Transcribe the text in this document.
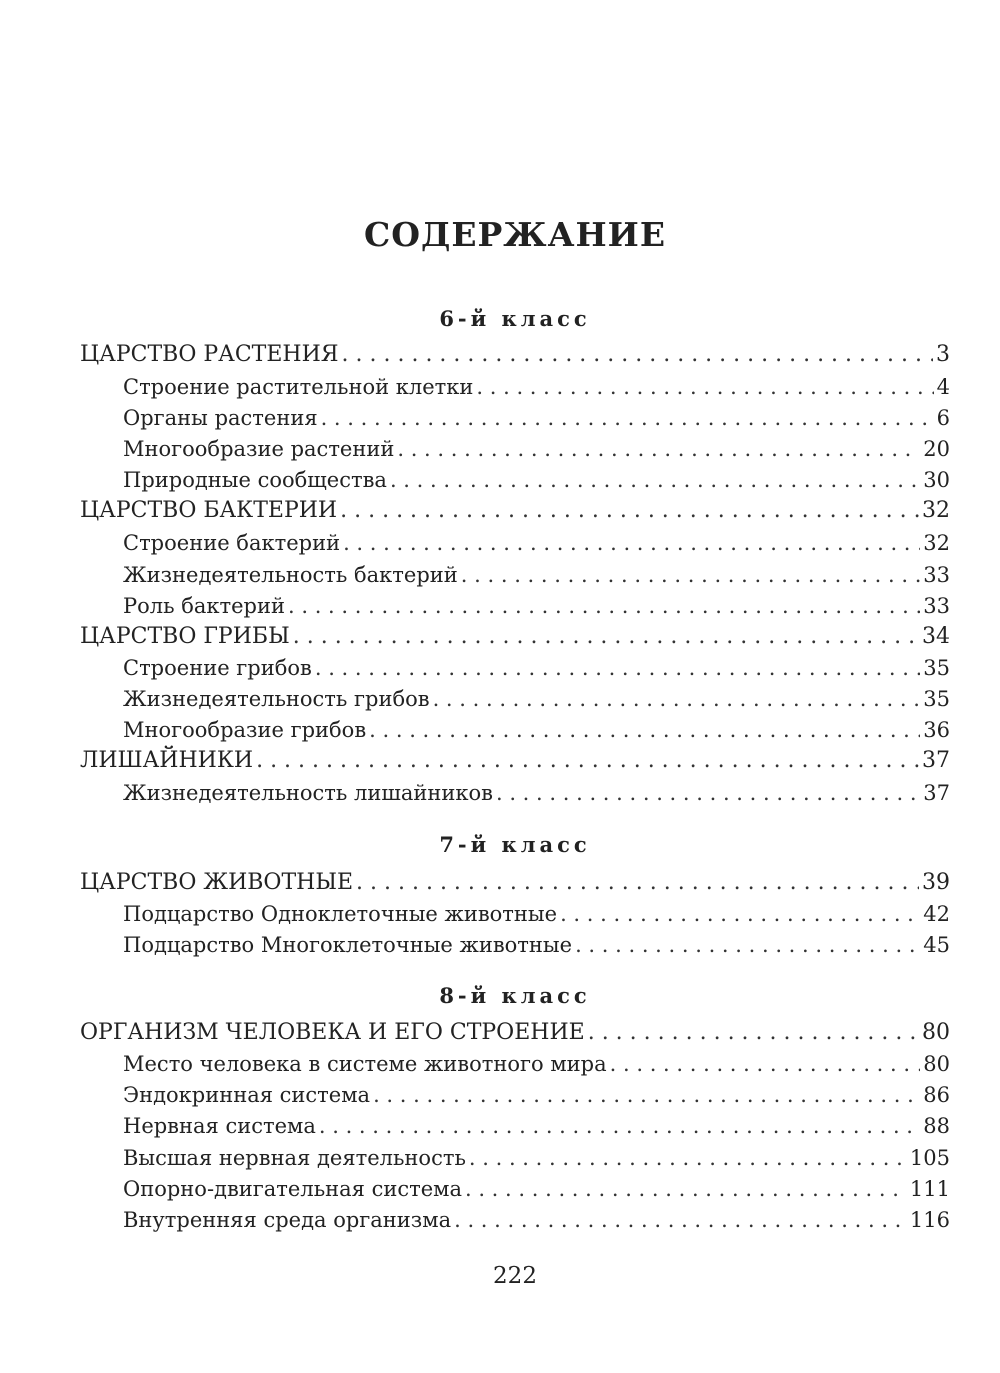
СОДЕРЖАНИЕ
6-й класс
ЦАРСТВО РАСТЕНИЯ . . .	3
Строение растительной клетки . . .	4
Органы растения . . .	6
Многообразие растений . . .	20
Природные сообщества . . .	30
ЦАРСТВО БАКТЕРИИ . . .	32
Строение бактерий . . .	32
Жизнедеятельность бактерий . . .	33
Роль бактерий . . .	33
ЦАРСТВО ГРИБЫ . . .	34
Строение грибов . . .	35
Жизнедеятельность грибов . . .	35
Многообразие грибов . . .	36
ЛИШАЙНИКИ . . .	37
Жизнедеятельность лишайников . . .	37
7-й класс
ЦАРСТВО ЖИВОТНЫЕ . . .	39
Подцарство Одноклеточные животные . . .	42
Подцарство Многоклеточные животные . . .	45
8-й класс
ОРГАНИЗМ ЧЕЛОВЕКА И ЕГО СТРОЕНИЕ . . .	80
Место человека в системе животного мира . . .	80
Эндокринная система . . .	86
Нервная система . . .	88
Высшая нервная деятельность . . .	105
Опорно-двигательная система . . .	111
Внутренняя среда организма . . .	116
222
